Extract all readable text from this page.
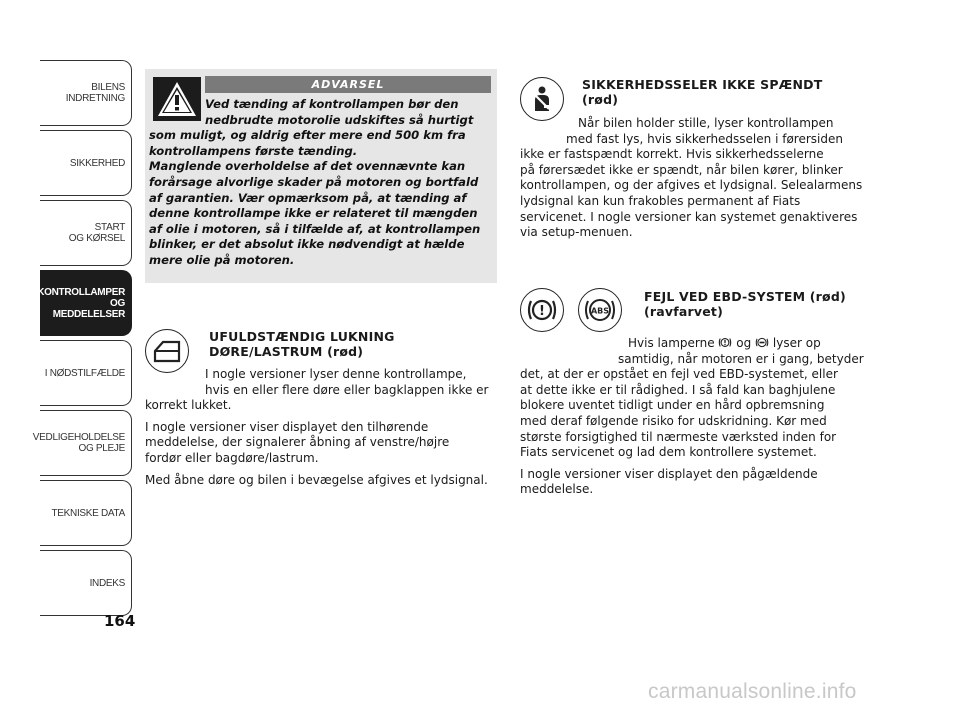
BILENS
INDRETNING
SIKKERHED
START
OG KØRSEL
KONTROLLAMPER
OG MEDDELELSER
I NØDSTILFÆLDE
VEDLIGEHOLDELSE
OG PLEJE
TEKNISKE DATA
INDEKS
164
ADVARSEL
Ved tænding af kontrollampen bør den
nedbrudte motorolie udskiftes så hurtigt
som muligt, og aldrig efter mere end 500 km fra
kontrollampens første tænding.
Manglende overholdelse af det ovennævnte kan
forårsage alvorlige skader på motoren og bortfald
af garantien. Vær opmærksom på, at tænding af
denne kontrollampe ikke er relateret til mængden
af olie i motoren, så i tilfælde af, at kontrollampen
blinker, er det absolut ikke nødvendigt at hælde
mere olie på motoren.
UFULDSTÆNDIG LUKNING
DØRE/LASTRUM (rød)

I nogle versioner lyser denne kontrollampe,
hvis en eller flere døre eller bagklappen ikke er
korrekt lukket.

I nogle versioner viser displayet den tilhørende
meddelelse, der signalerer åbning af venstre/højre
fordør eller bagdøre/lastrum.

Med åbne døre og bilen i bevægelse afgives et lydsignal.

SIKKERHEDSSELER IKKE SPÆNDT
(rød)

Når bilen holder stille, lyser kontrollampen
med fast lys, hvis sikkerhedsselen i førersiden
ikke er fastspændt korrekt. Hvis sikkerhedsselerne
på førersædet ikke er spændt, når bilen kører, blinker
kontrollampen, og der afgives et lydsignal. Selealarmens
lydsignal kan kun frakobles permanent af Fiats
servicenet. I nogle versioner kan systemet genaktiveres
via setup-menuen.

!	ABS
FEJL VED EBD-SYSTEM (rød)
(ravfarvet)

Hvis lamperne og lyser op
samtidig, når motoren er i gang, betyder
det, at der er opstået en fejl ved EBD-systemet, eller
at dette ikke er til rådighed. I så fald kan baghjulene
blokere uventet tidligt under en hård opbremsning
med deraf følgende risiko for udskridning. Kør med
største forsigtighed til nærmeste værksted inden for
Fiats servicenet og lad dem kontrollere systemet.

I nogle versioner viser displayet den pågældende
meddelelse.

carmanualsonline.info
